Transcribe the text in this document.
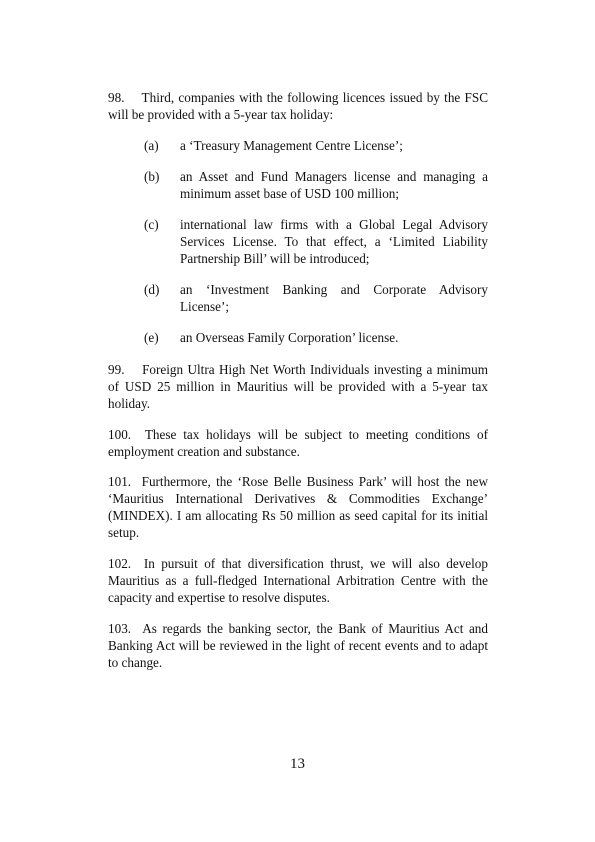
98.    Third, companies with the following licences issued by the FSC will be provided with a 5-year tax holiday:

(a)	a ‘Treasury Management Centre License’;
(b)	an Asset and Fund Managers license and managing a minimum asset base of USD 100 million;
(c)	international law firms with a Global Legal Advisory Services License. To that effect, a ‘Limited Liability Partnership Bill’ will be introduced;
(d)	an ‘Investment Banking and Corporate Advisory License’;
(e)	an Overseas Family Corporation’ license.

99.    Foreign Ultra High Net Worth Individuals investing a minimum of USD 25 million in Mauritius will be provided with a 5-year tax holiday.

100.  These tax holidays will be subject to meeting conditions of employment creation and substance.

101.  Furthermore, the ‘Rose Belle Business Park’ will host the new ‘Mauritius International Derivatives & Commodities Exchange’ (MINDEX). I am allocating Rs 50 million as seed capital for its initial setup.

102.  In pursuit of that diversification thrust, we will also develop Mauritius as a full-fledged International Arbitration Centre with the capacity and expertise to resolve disputes.

103.  As regards the banking sector, the Bank of Mauritius Act and Banking Act will be reviewed in the light of recent events and to adapt to change.

13
